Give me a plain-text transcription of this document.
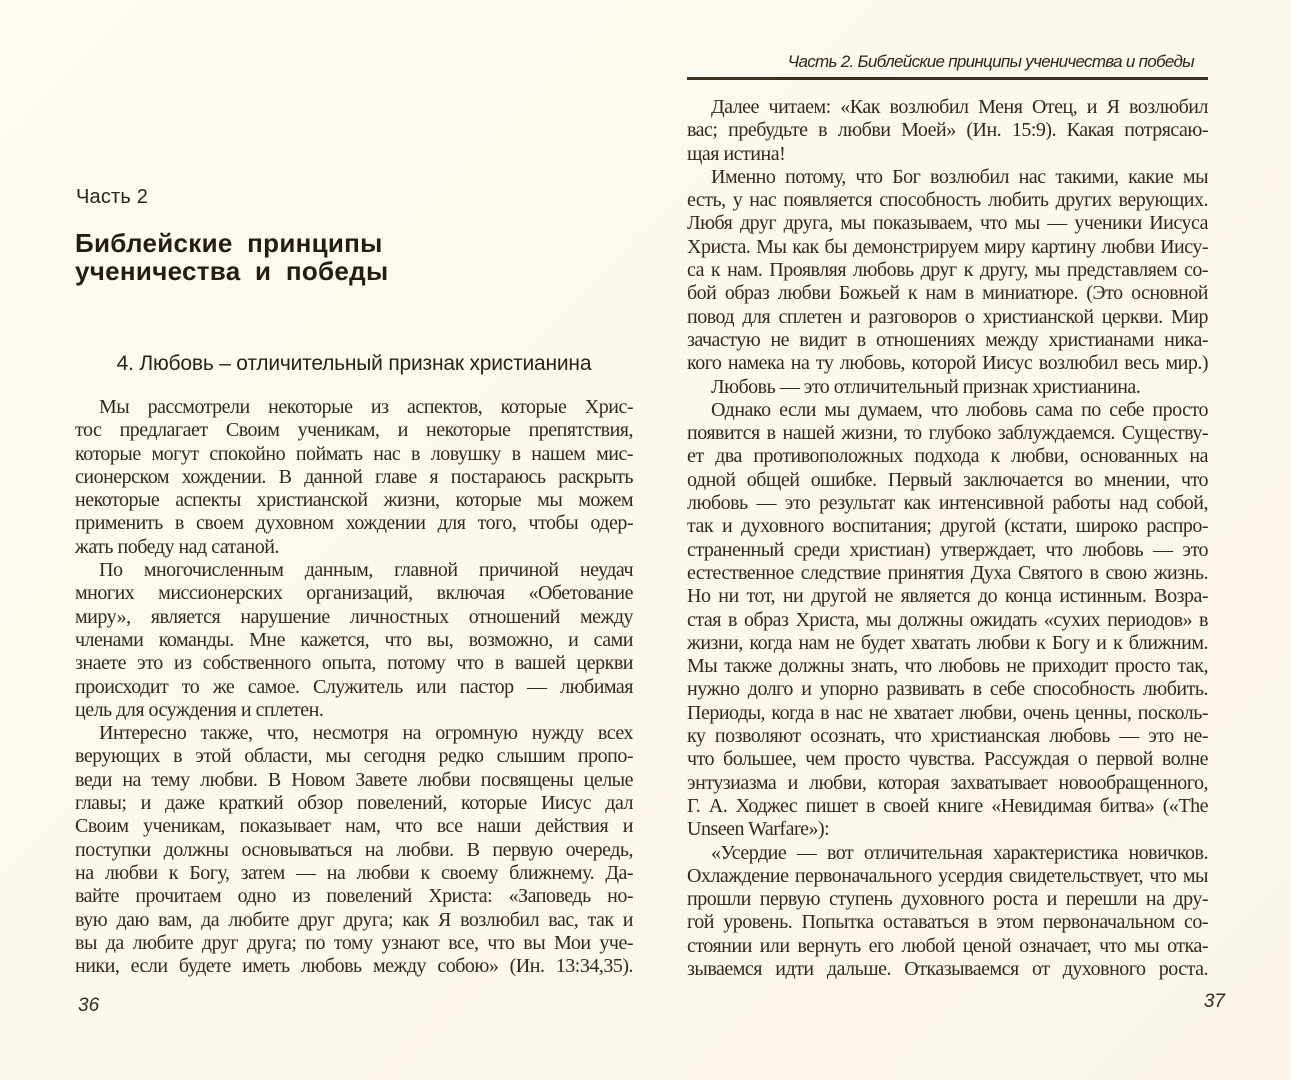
Часть 2
Библейские принципы
ученичества и победы
4. Любовь – отличительный признак христианина
Мы рассмотрели некоторые из аспектов, которые Хрис-
тос предлагает Своим ученикам, и некоторые препятствия,
которые могут спокойно поймать нас в ловушку в нашем мис-
сионерском хождении. В данной главе я постараюсь раскрыть
некоторые аспекты христианской жизни, которые мы можем
применить в своем духовном хождении для того, чтобы одер-
жать победу над сатаной.
По многочисленным данным, главной причиной неудач
многих миссионерских организаций, включая «Обетование
миру», является нарушение личностных отношений между
членами команды. Мне кажется, что вы, возможно, и сами
знаете это из собственного опыта, потому что в вашей церкви
происходит то же самое. Служитель или пастор — любимая
цель для осуждения и сплетен.
Интересно также, что, несмотря на огромную нужду всех
верующих в этой области, мы сегодня редко слышим пропо-
веди на тему любви. В Новом Завете любви посвящены целые
главы; и даже краткий обзор повелений, которые Иисус дал
Своим ученикам, показывает нам, что все наши действия и
поступки должны основываться на любви. В первую очередь,
на любви к Богу, затем — на любви к своему ближнему. Да-
вайте прочитаем одно из повелений Христа: «Заповедь но-
вую даю вам, да любите друг друга; как Я возлюбил вас, так и
вы да любите друг друга; по тому узнают все, что вы Мои уче-
ники, если будете иметь любовь между собою» (Ин. 13:34,35).
36
Часть 2. Библейские принципы ученичества и победы
Далее читаем: «Как возлюбил Меня Отец, и Я возлюбил
вас; пребудьте в любви Моей» (Ин. 15:9). Какая потрясаю-
щая истина!
Именно потому, что Бог возлюбил нас такими, какие мы
есть, у нас появляется способность любить других верующих.
Любя друг друга, мы показываем, что мы — ученики Иисуса
Христа. Мы как бы демонстрируем миру картину любви Иису-
са к нам. Проявляя любовь друг к другу, мы представляем со-
бой образ любви Божьей к нам в миниатюре. (Это основной
повод для сплетен и разговоров о христианской церкви. Мир
зачастую не видит в отношениях между христианами ника-
кого намека на ту любовь, которой Иисус возлюбил весь мир.)
Любовь — это отличительный признак христианина.
Однако если мы думаем, что любовь сама по себе просто
появится в нашей жизни, то глубоко заблуждаемся. Существу-
ет два противоположных подхода к любви, основанных на
одной общей ошибке. Первый заключается во мнении, что
любовь — это результат как интенсивной работы над собой,
так и духовного воспитания; другой (кстати, широко распро-
страненный среди христиан) утверждает, что любовь — это
естественное следствие принятия Духа Святого в свою жизнь.
Но ни тот, ни другой не является до конца истинным. Возра-
стая в образ Христа, мы должны ожидать «сухих периодов» в
жизни, когда нам не будет хватать любви к Богу и к ближним.
Мы также должны знать, что любовь не приходит просто так,
нужно долго и упорно развивать в себе способность любить.
Периоды, когда в нас не хватает любви, очень ценны, посколь-
ку позволяют осознать, что христианская любовь — это не-
что большее, чем просто чувства. Рассуждая о первой волне
энтузиазма и любви, которая захватывает новообращенного,
Г. А. Ходжес пишет в своей книге «Невидимая битва» («The
Unseen Warfare»):
«Усердие — вот отличительная характеристика новичков.
Охлаждение первоначального усердия свидетельствует, что мы
прошли первую ступень духовного роста и перешли на дру-
гой уровень. Попытка оставаться в этом первоначальном со-
стоянии или вернуть его любой ценой означает, что мы отка-
зываемся идти дальше. Отказываемся от духовного роста.
37
